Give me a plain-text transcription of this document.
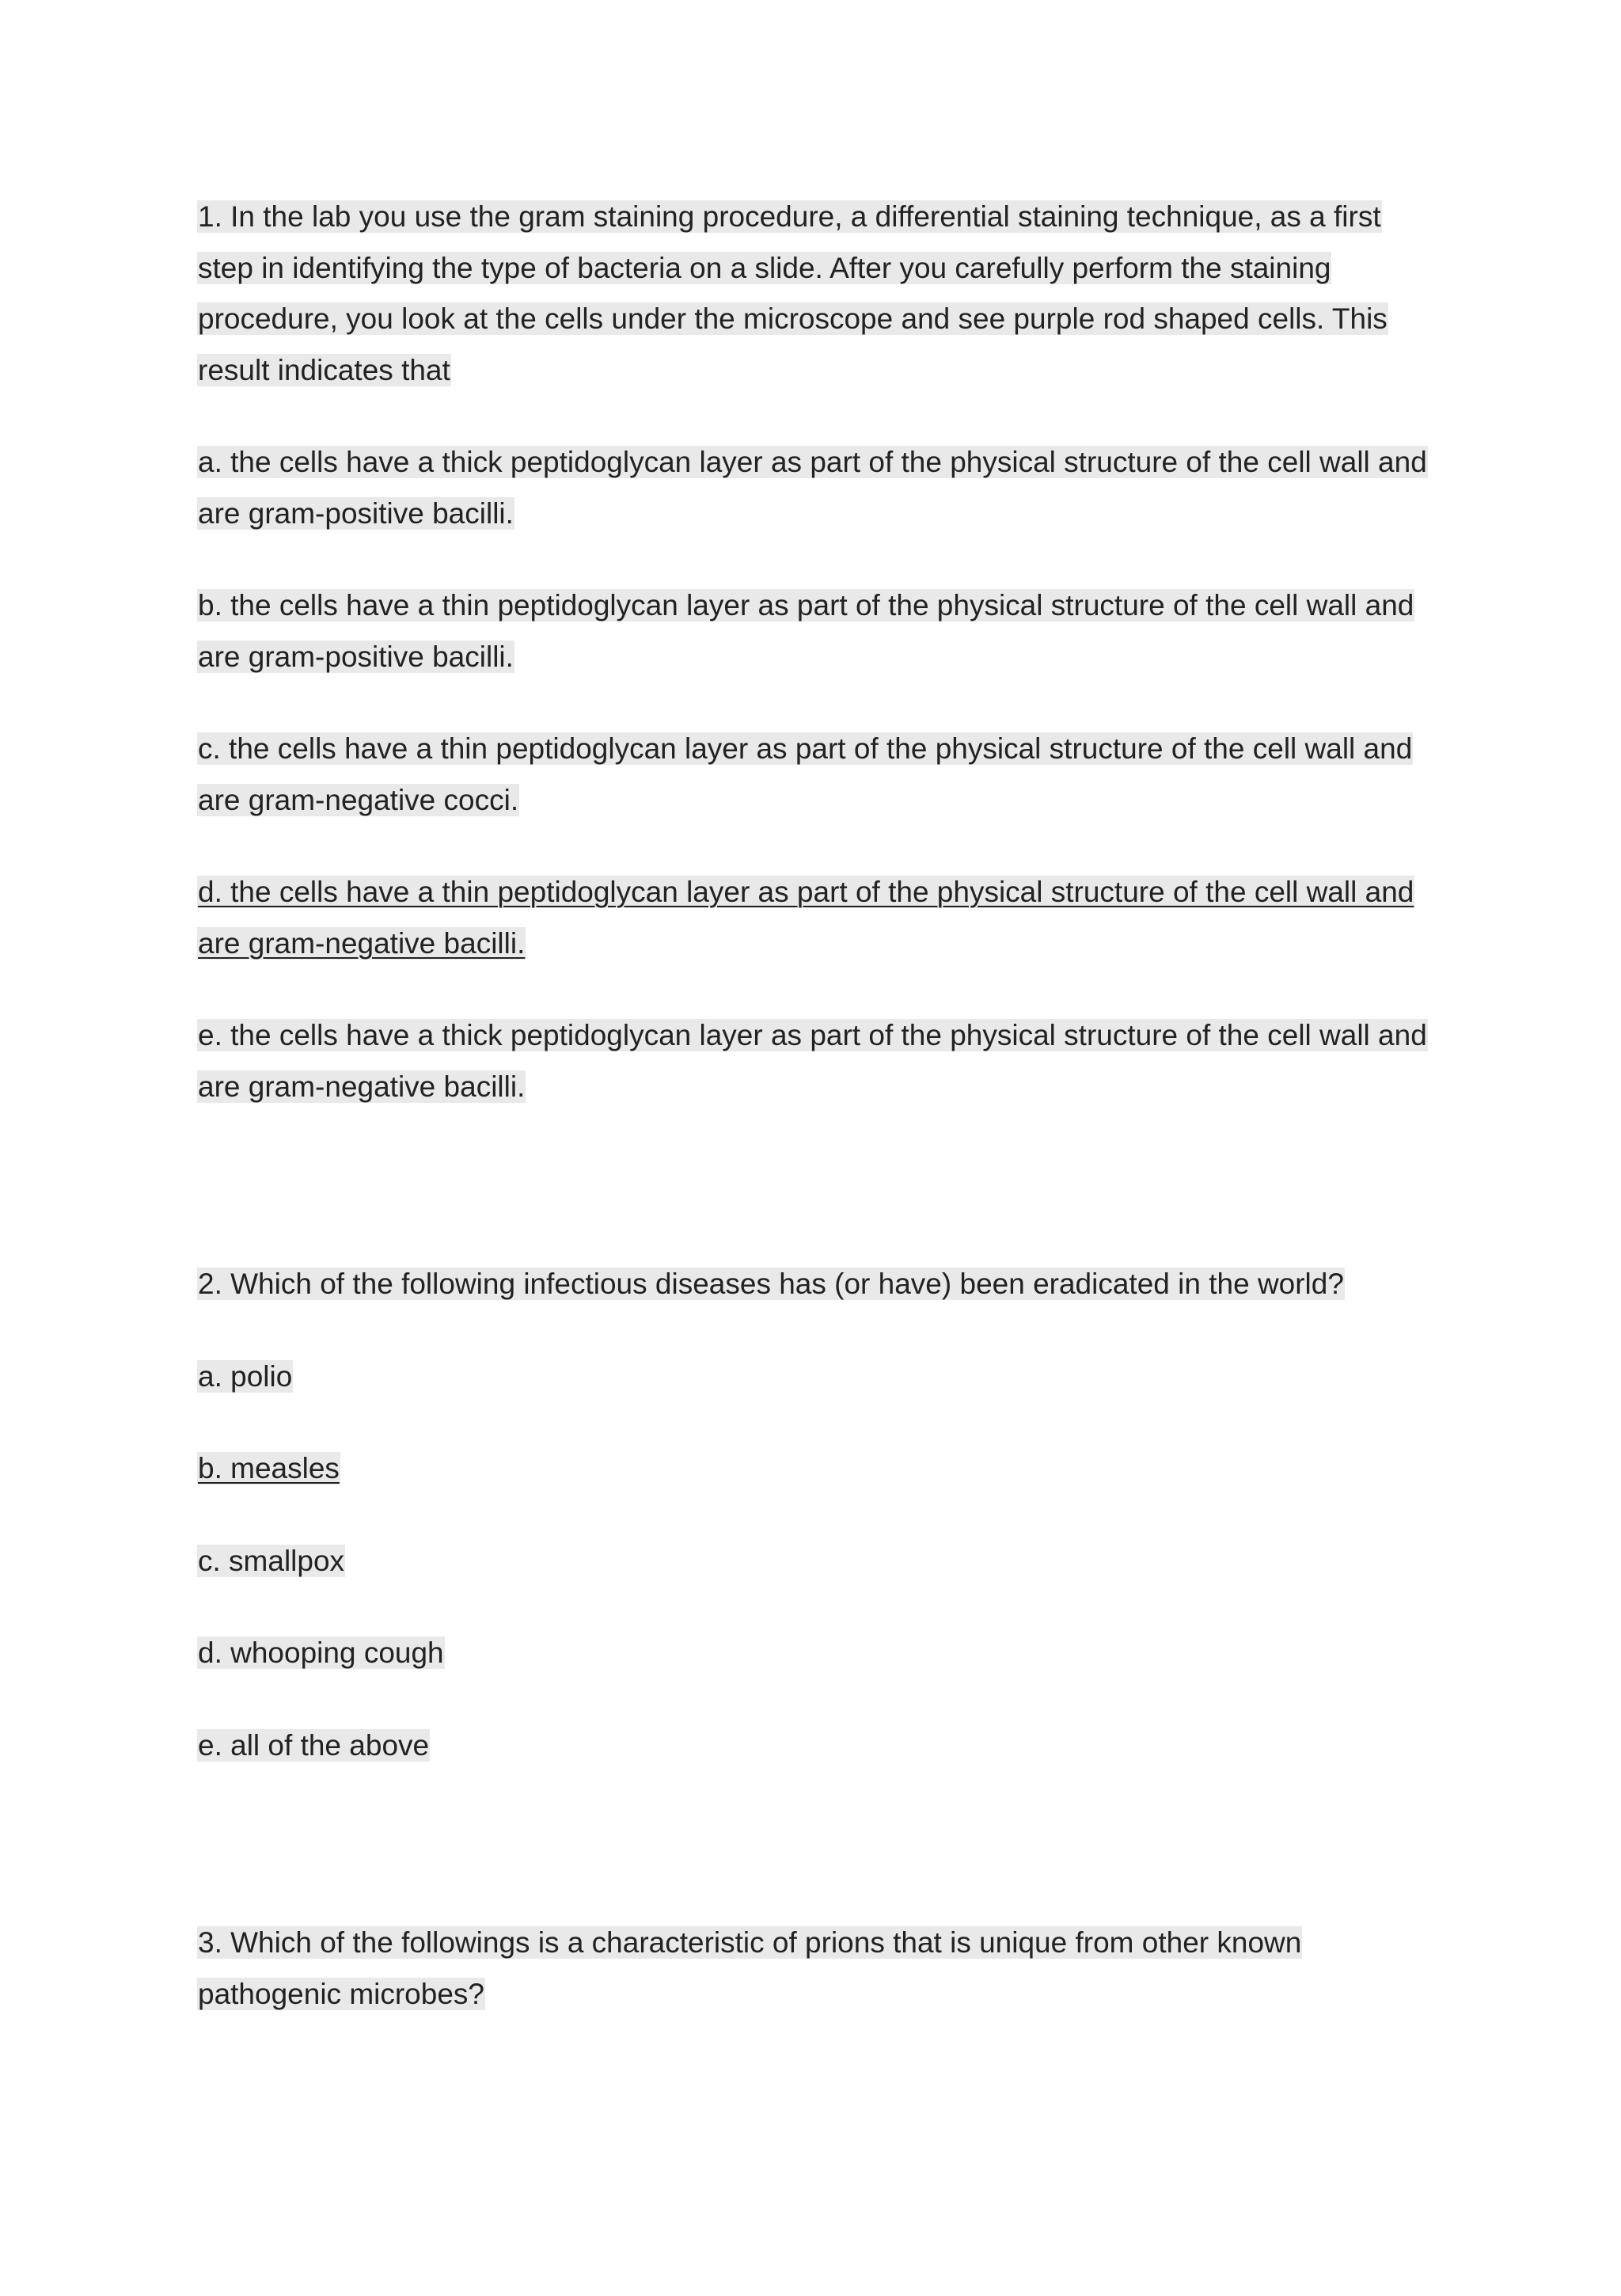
1. In the lab you use the gram staining procedure, a differential staining technique, as a first step in identifying the type of bacteria on a slide. After you carefully perform the staining procedure, you look at the cells under the microscope and see purple rod shaped cells. This result indicates that

a. the cells have a thick peptidoglycan layer as part of the physical structure of the cell wall and are gram-positive bacilli.

b. the cells have a thin peptidoglycan layer as part of the physical structure of the cell wall and are gram-positive bacilli.

c. the cells have a thin peptidoglycan layer as part of the physical structure of the cell wall and are gram-negative cocci.

d. the cells have a thin peptidoglycan layer as part of the physical structure of the cell wall and are gram-negative bacilli.

e. the cells have a thick peptidoglycan layer as part of the physical structure of the cell wall and are gram-negative bacilli.

2. Which of the following infectious diseases has (or have) been eradicated in the world?

a. polio

b. measles

c. smallpox

d. whooping cough

e. all of the above

3. Which of the followings is a characteristic of prions that is unique from other known pathogenic microbes?
